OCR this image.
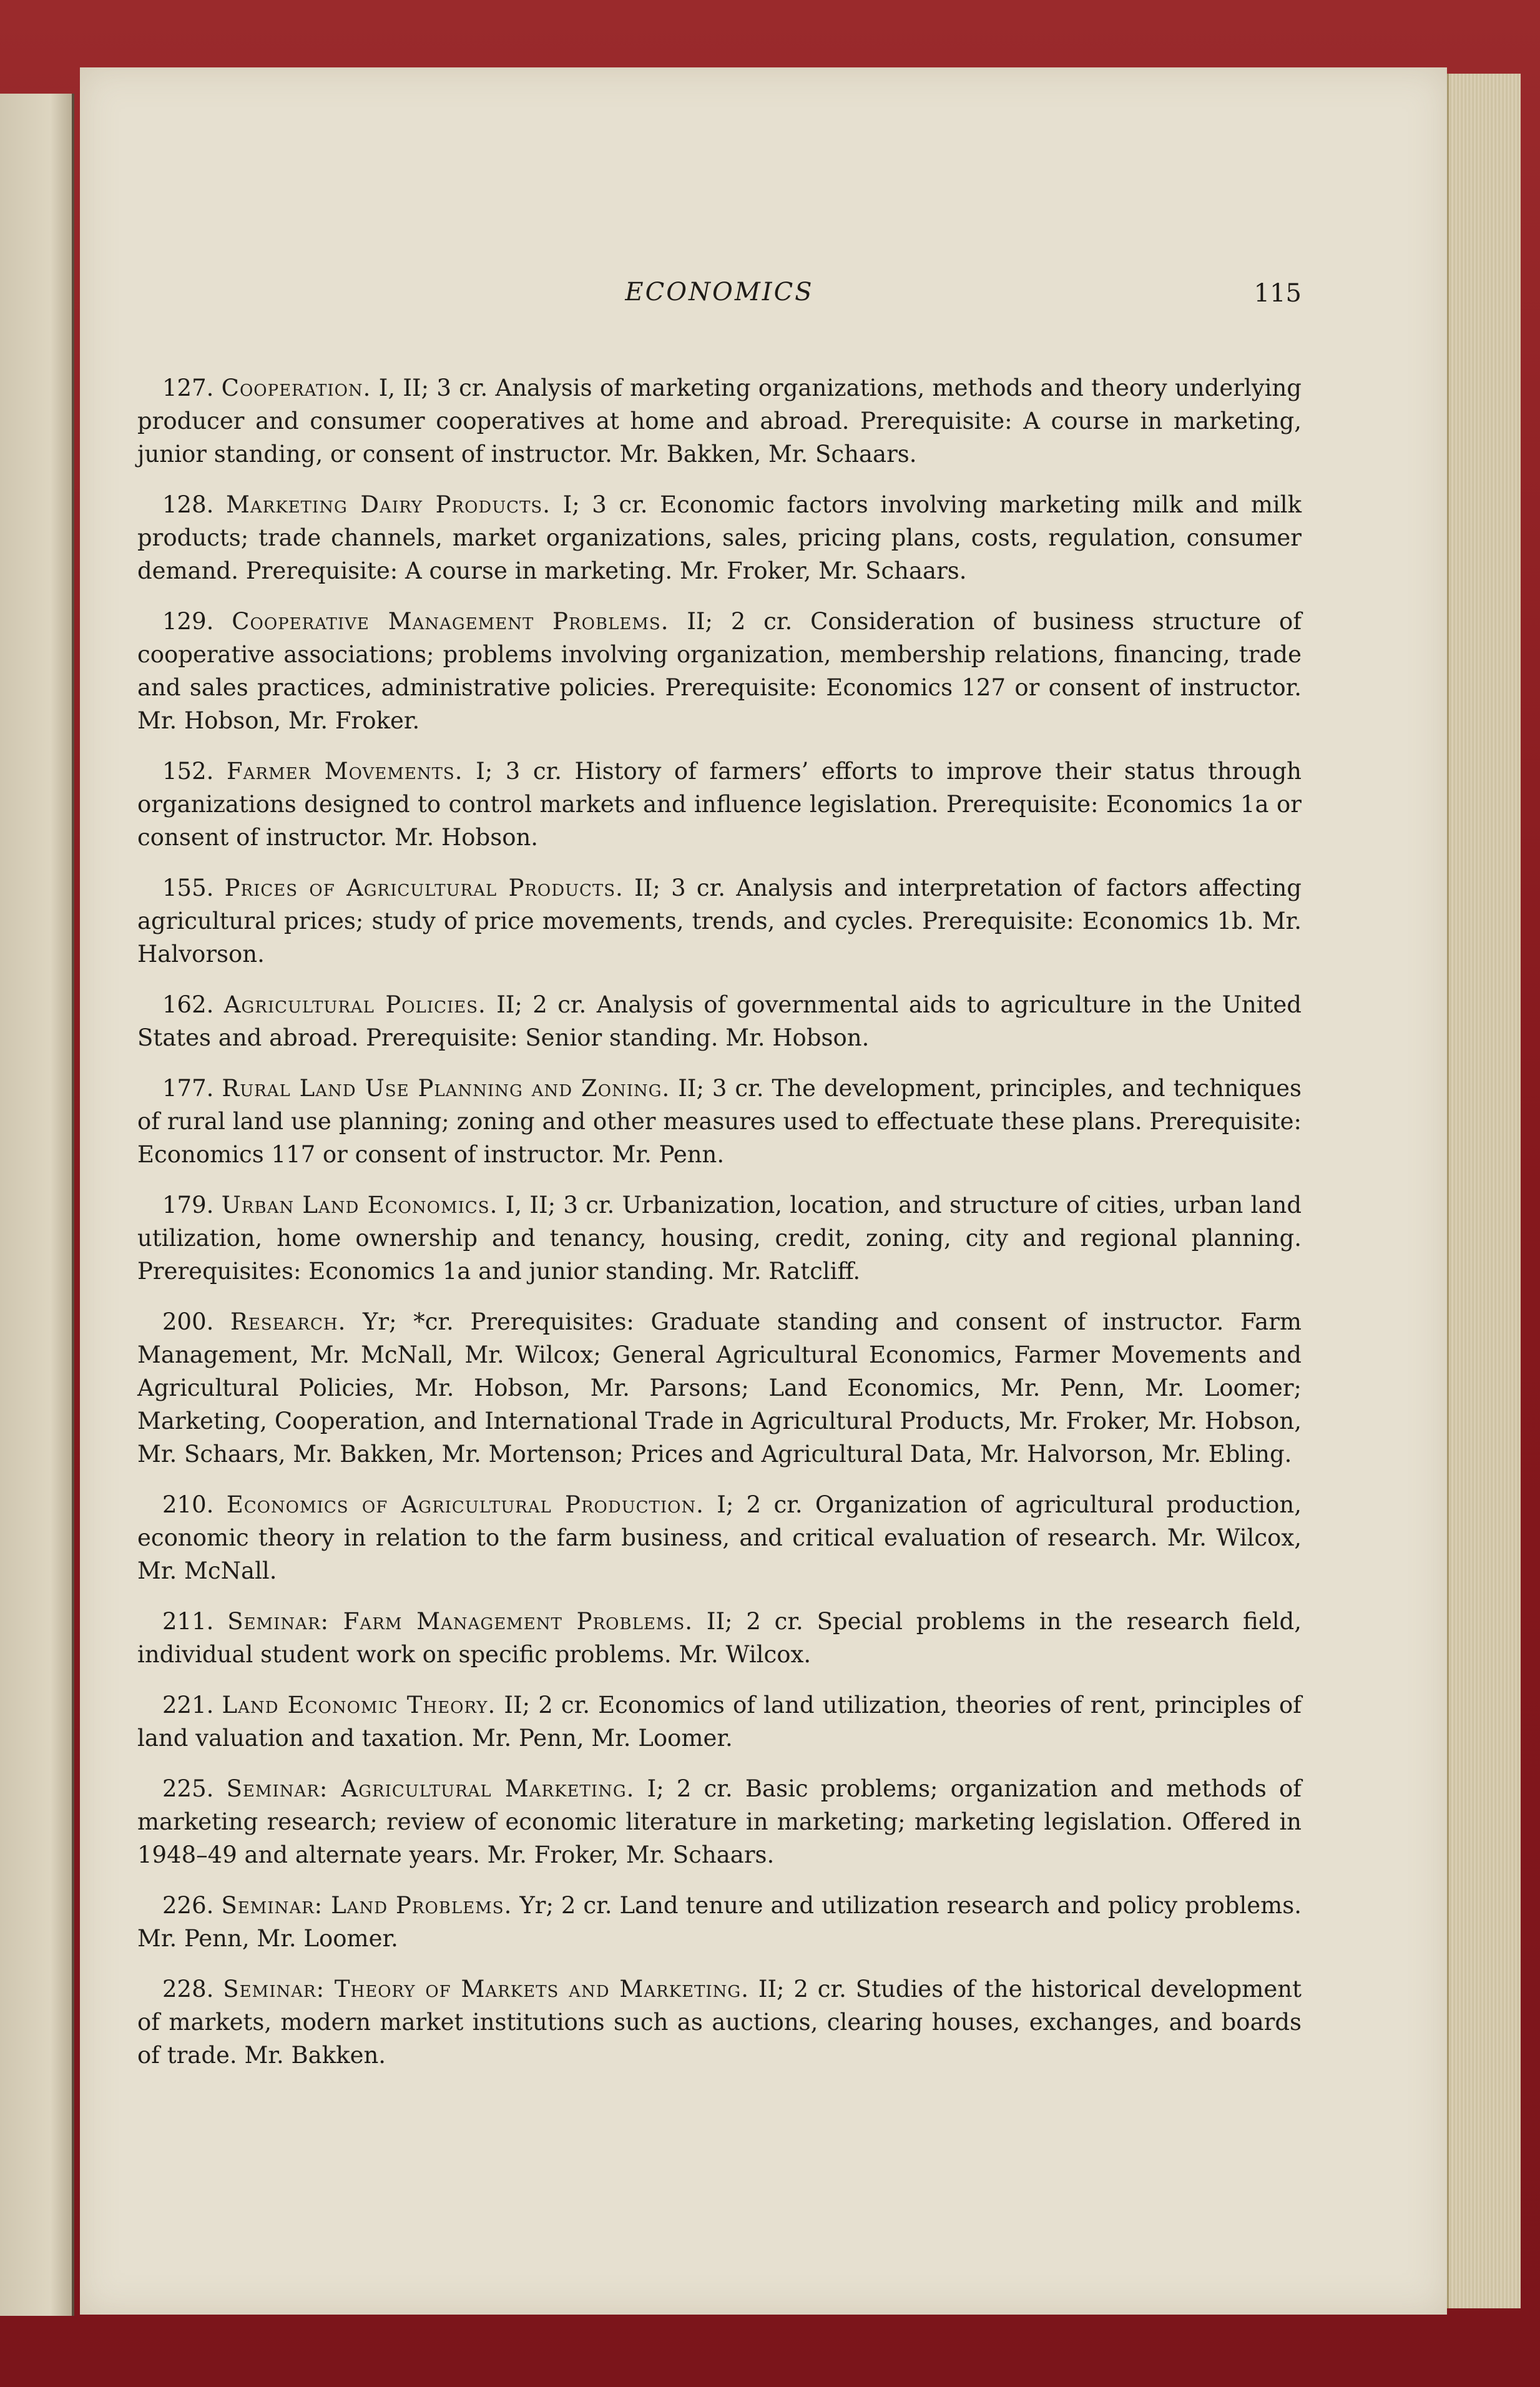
ECONOMICS	115

127. Cooperation. I, II; 3 cr. Analysis of marketing organizations, methods and theory underlying producer and consumer cooperatives at home and abroad. Prerequisite: A course in marketing, junior standing, or consent of instructor. Mr. Bakken, Mr. Schaars.

128. Marketing Dairy Products. I; 3 cr. Economic factors involving marketing milk and milk products; trade channels, market organizations, sales, pricing plans, costs, regulation, consumer demand. Prerequisite: A course in marketing. Mr. Froker, Mr. Schaars.

129. Cooperative Management Problems. II; 2 cr. Consideration of business structure of cooperative associations; problems involving organization, membership relations, financing, trade and sales practices, administrative policies. Prerequisite: Economics 127 or consent of instructor. Mr. Hobson, Mr. Froker.

152. Farmer Movements. I; 3 cr. History of farmers’ efforts to improve their status through organizations designed to control markets and influence legislation. Prerequisite: Economics 1a or consent of instructor. Mr. Hobson.

155. Prices of Agricultural Products. II; 3 cr. Analysis and interpretation of factors affecting agricultural prices; study of price movements, trends, and cycles. Prerequisite: Economics 1b. Mr. Halvorson.

162. Agricultural Policies. II; 2 cr. Analysis of governmental aids to agriculture in the United States and abroad. Prerequisite: Senior standing. Mr. Hobson.

177. Rural Land Use Planning and Zoning. II; 3 cr. The development, principles, and techniques of rural land use planning; zoning and other measures used to effectuate these plans. Prerequisite: Economics 117 or consent of instructor. Mr. Penn.

179. Urban Land Economics. I, II; 3 cr. Urbanization, location, and structure of cities, urban land utilization, home ownership and tenancy, housing, credit, zoning, city and regional planning. Prerequisites: Economics 1a and junior standing. Mr. Ratcliff.

200. Research. Yr; *cr. Prerequisites: Graduate standing and consent of instructor. Farm Management, Mr. McNall, Mr. Wilcox; General Agricultural Economics, Farmer Movements and Agricultural Policies, Mr. Hobson, Mr. Parsons; Land Economics, Mr. Penn, Mr. Loomer; Marketing, Cooperation, and International Trade in Agricultural Products, Mr. Froker, Mr. Hobson, Mr. Schaars, Mr. Bakken, Mr. Mortenson; Prices and Agricultural Data, Mr. Halvorson, Mr. Ebling.

210. Economics of Agricultural Production. I; 2 cr. Organization of agricultural production, economic theory in relation to the farm business, and critical evaluation of research. Mr. Wilcox, Mr. McNall.

211. Seminar: Farm Management Problems. II; 2 cr. Special problems in the research field, individual student work on specific problems. Mr. Wilcox.

221. Land Economic Theory. II; 2 cr. Economics of land utilization, theories of rent, principles of land valuation and taxation. Mr. Penn, Mr. Loomer.

225. Seminar: Agricultural Marketing. I; 2 cr. Basic problems; organization and methods of marketing research; review of economic literature in marketing; marketing legislation. Offered in 1948–49 and alternate years. Mr. Froker, Mr. Schaars.

226. Seminar: Land Problems. Yr; 2 cr. Land tenure and utilization research and policy problems. Mr. Penn, Mr. Loomer.

228. Seminar: Theory of Markets and Marketing. II; 2 cr. Studies of the historical development of markets, modern market institutions such as auctions, clearing houses, exchanges, and boards of trade. Mr. Bakken.
